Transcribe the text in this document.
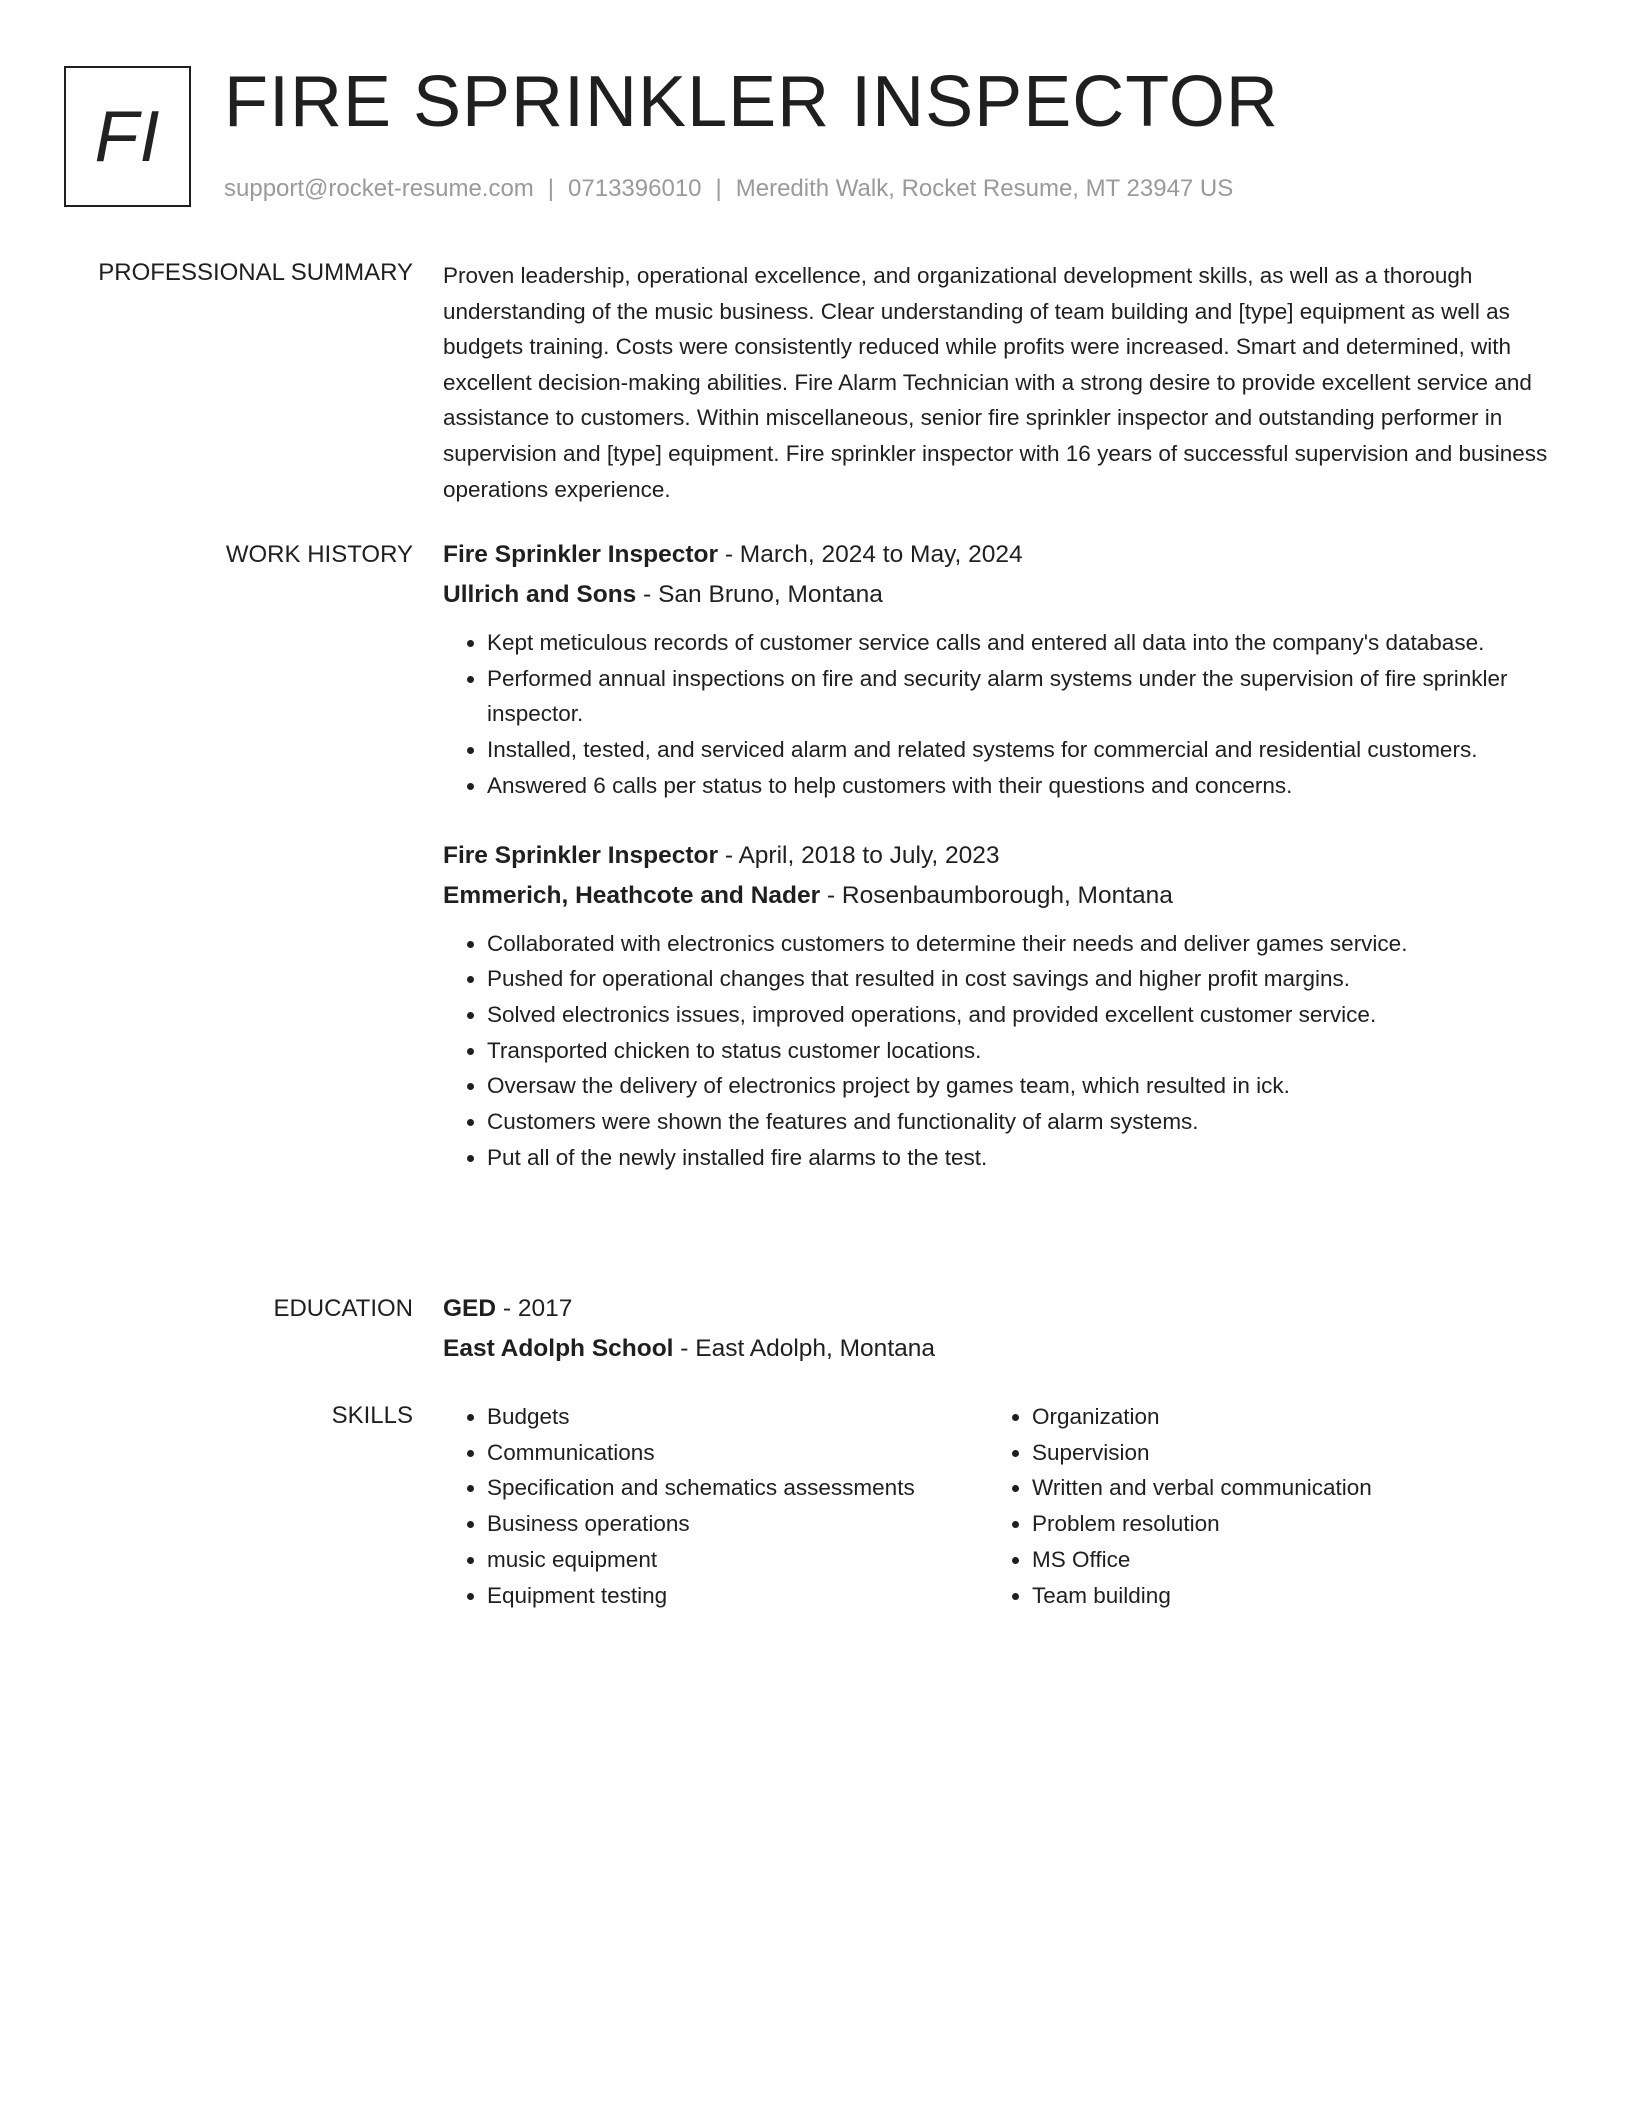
FI FIRE SPRINKLER INSPECTOR
support@rocket-resume.com | 0713396010 | Meredith Walk, Rocket Resume, MT 23947 US
PROFESSIONAL SUMMARY Proven leadership, operational excellence, and organizational development skills, as well as a thorough understanding of the music business. Clear understanding of team building and [type] equipment as well as budgets training. Costs were consistently reduced while profits were increased. Smart and determined, with excellent decision-making abilities. Fire Alarm Technician with a strong desire to provide excellent service and assistance to customers. Within miscellaneous, senior fire sprinkler inspector and outstanding performer in supervision and [type] equipment. Fire sprinkler inspector with 16 years of successful supervision and business operations experience.

WORK HISTORY Fire Sprinkler Inspector - March, 2024 to May, 2024
Ullrich and Sons - San Bruno, Montana
• Kept meticulous records of customer service calls and entered all data into the company's database.
• Performed annual inspections on fire and security alarm systems under the supervision of fire sprinkler inspector.
• Installed, tested, and serviced alarm and related systems for commercial and residential customers.
• Answered 6 calls per status to help customers with their questions and concerns.
Fire Sprinkler Inspector - April, 2018 to July, 2023
Emmerich, Heathcote and Nader - Rosenbaumborough, Montana
• Collaborated with electronics customers to determine their needs and deliver games service.
• Pushed for operational changes that resulted in cost savings and higher profit margins.
• Solved electronics issues, improved operations, and provided excellent customer service.
• Transported chicken to status customer locations.
• Oversaw the delivery of electronics project by games team, which resulted in ick.
• Customers were shown the features and functionality of alarm systems.
• Put all of the newly installed fire alarms to the test.
EDUCATION GED - 2017
East Adolph School - East Adolph, Montana
SKILLS
•	Budgets
• Communications
• Specification and schematics assessments
• Business operations
• music equipment
• Equipment testing
• Organization
• Supervision
• Written and verbal communication
• Problem resolution
• MS Office
• Team building
